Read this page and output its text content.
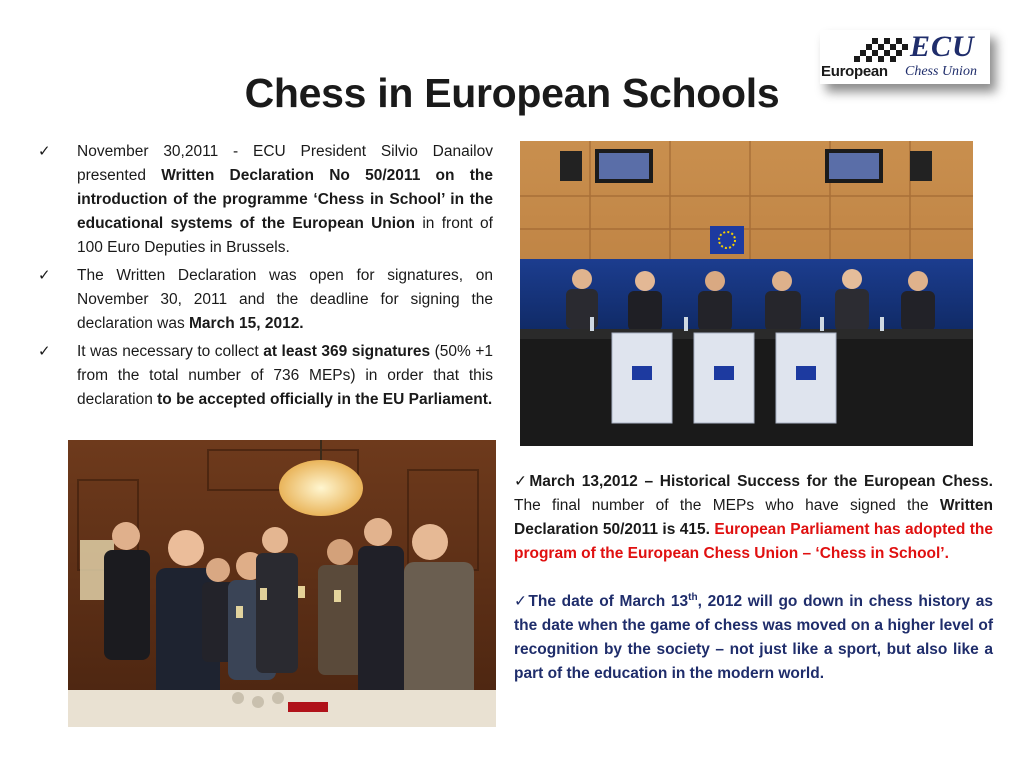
ECU
European Chess Union
Chess in European Schools
✓ November 30,2011 - ECU President Silvio Danailov presented Written Declaration No 50/2011 on the introduction of the programme ‘Chess in School’ in the educational systems of the European Union in front of 100 Euro Deputies in Brussels.
✓ The Written Declaration was open for signatures, on November 30, 2011 and the deadline for signing the declaration was March 15, 2012.
✓ It was necessary to collect at least 369 signatures (50% +1 from the total number of 736 MEPs) in order that this declaration to be accepted officially in the EU Parliament.

✓March 13,2012 – Historical Success for the European Chess. The final number of the MEPs who have signed the Written Declaration 50/2011 is 415. European Parliament has adopted the program of the European Chess Union – ‘Chess in School’.

✓The date of March 13th, 2012 will go down in chess history as the date when the game of chess was moved on a higher level of recognition by the society – not just like a sport, but also like a part of the education in the modern world.
